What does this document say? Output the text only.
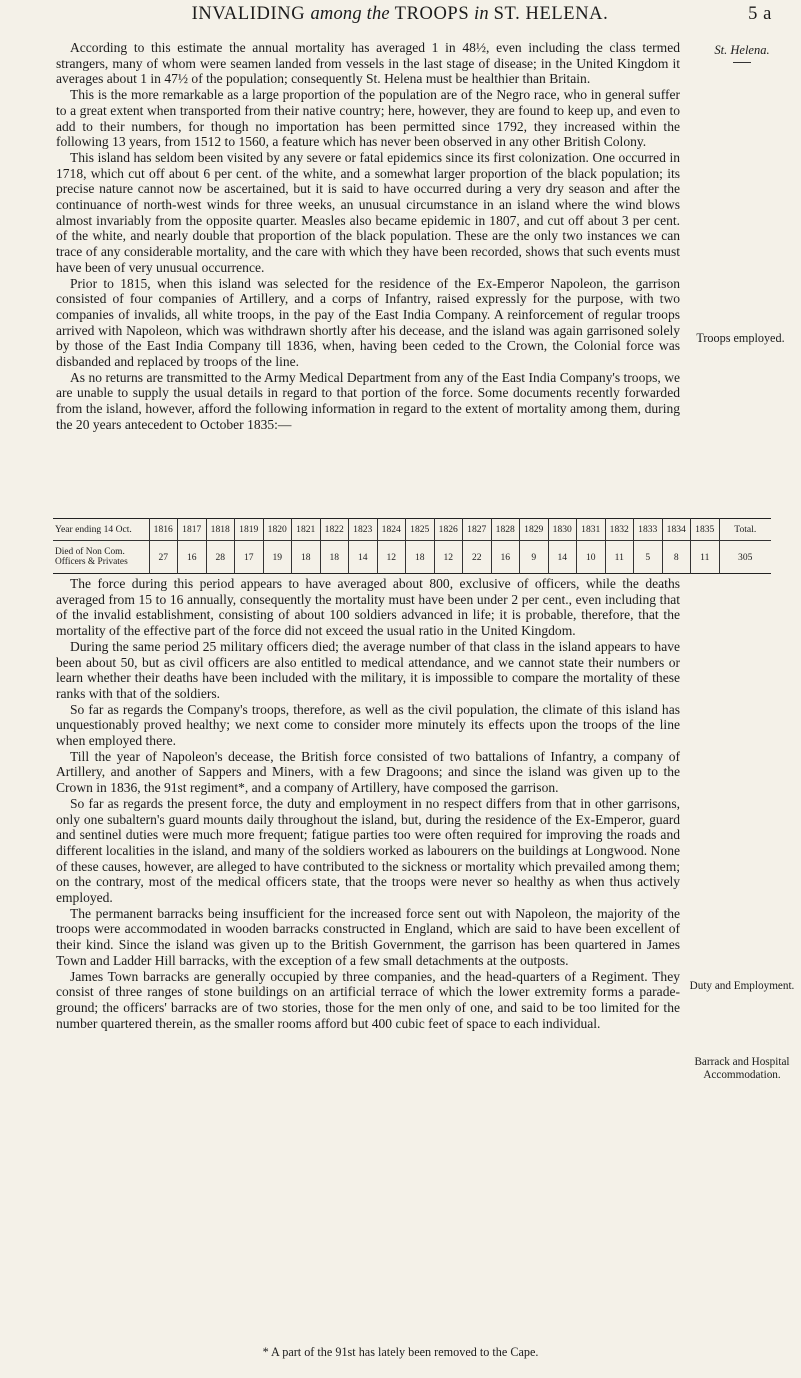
INVALIDING among the TROOPS in ST. HELENA.	5 a
St. Helena.
Troops employed.
Duty and Employment.
Barrack and Hospital Accommodation.

According to this estimate the annual mortality has averaged 1 in 48½, even including the class termed strangers, many of whom were seamen landed from vessels in the last stage of disease; in the United Kingdom it averages about 1 in 47½ of the population; consequently St. Helena must be healthier than Britain.

This is the more remarkable as a large proportion of the population are of the Negro race, who in general suffer to a great extent when transported from their native country; here, however, they are found to keep up, and even to add to their numbers, for though no importation has been permitted since 1792, they increased within the following 13 years, from 1512 to 1560, a feature which has never been observed in any other British Colony.

This island has seldom been visited by any severe or fatal epidemics since its first colonization. One occurred in 1718, which cut off about 6 per cent. of the white, and a somewhat larger proportion of the black population; its precise nature cannot now be ascertained, but it is said to have occurred during a very dry season and after the continuance of north-west winds for three weeks, an unusual circumstance in an island where the wind blows almost invariably from the opposite quarter. Measles also became epidemic in 1807, and cut off about 3 per cent. of the white, and nearly double that proportion of the black population. These are the only two instances we can trace of any considerable mortality, and the care with which they have been recorded, shows that such events must have been of very unusual occurrence.

Prior to 1815, when this island was selected for the residence of the Ex-Emperor Napoleon, the garrison consisted of four companies of Artillery, and a corps of Infantry, raised expressly for the purpose, with two companies of invalids, all white troops, in the pay of the East India Company. A reinforcement of regular troops arrived with Napoleon, which was withdrawn shortly after his decease, and the island was again garrisoned solely by those of the East India Company till 1836, when, having been ceded to the Crown, the Colonial force was disbanded and replaced by troops of the line.

As no returns are transmitted to the Army Medical Department from any of the East India Company's troops, we are unable to supply the usual details in regard to that portion of the force. Some documents recently forwarded from the island, however, afford the following information in regard to the extent of mortality among them, during the 20 years antecedent to October 1835:—

Year ending 14 Oct.	1816	1817	1818	1819	1820	1821	1822	1823	1824	1825	1826	1827	1828	1829	1830	1831	1832	1833	1834	1835	Total.
Died of Non Com. Officers & Privates	27	16	28	17	19	18	18	14	12	18	12	22	16	9	14	10	11	5	8	11	305

The force during this period appears to have averaged about 800, exclusive of officers, while the deaths averaged from 15 to 16 annually, consequently the mortality must have been under 2 per cent., even including that of the invalid establishment, consisting of about 100 soldiers advanced in life; it is probable, therefore, that the mortality of the effective part of the force did not exceed the usual ratio in the United Kingdom.

During the same period 25 military officers died; the average number of that class in the island appears to have been about 50, but as civil officers are also entitled to medical attendance, and we cannot state their numbers or learn whether their deaths have been included with the military, it is impossible to compare the mortality of these ranks with that of the soldiers.

So far as regards the Company's troops, therefore, as well as the civil population, the climate of this island has unquestionably proved healthy; we next come to consider more minutely its effects upon the troops of the line when employed there.

Till the year of Napoleon's decease, the British force consisted of two battalions of Infantry, a company of Artillery, and another of Sappers and Miners, with a few Dragoons; and since the island was given up to the Crown in 1836, the 91st regiment*, and a company of Artillery, have composed the garrison.

So far as regards the present force, the duty and employment in no respect differs from that in other garrisons, only one subaltern's guard mounts daily throughout the island, but, during the residence of the Ex-Emperor, guard and sentinel duties were much more frequent; fatigue parties too were often required for improving the roads and different localities in the island, and many of the soldiers worked as labourers on the buildings at Longwood. None of these causes, however, are alleged to have contributed to the sickness or mortality which prevailed among them; on the contrary, most of the medical officers state, that the troops were never so healthy as when thus actively employed.

The permanent barracks being insufficient for the increased force sent out with Napoleon, the majority of the troops were accommodated in wooden barracks constructed in England, which are said to have been excellent of their kind. Since the island was given up to the British Government, the garrison has been quartered in James Town and Ladder Hill barracks, with the exception of a few small detachments at the outposts.

James Town barracks are generally occupied by three companies, and the head-quarters of a Regiment. They consist of three ranges of stone buildings on an artificial terrace of which the lower extremity forms a parade-ground; the officers' barracks are of two stories, those for the men only of one, and said to be too limited for the number quartered therein, as the smaller rooms afford but 400 cubic feet of space to each individual.

* A part of the 91st has lately been removed to the Cape.
